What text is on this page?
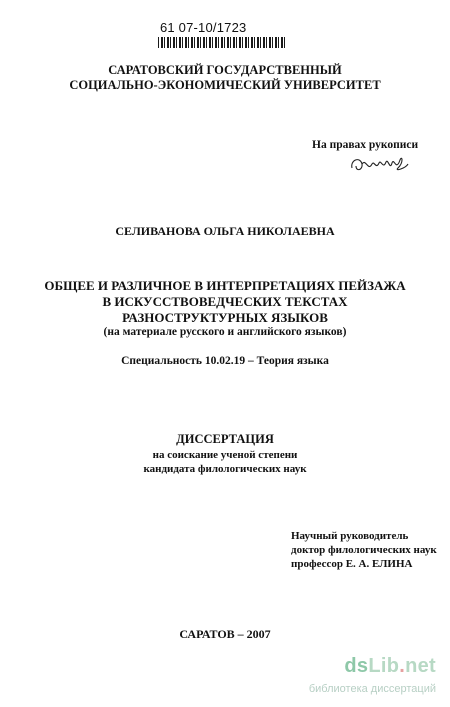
61 07-10/1723
САРАТОВСКИЙ ГОСУДАРСТВЕННЫЙ
СОЦИАЛЬНО-ЭКОНОМИЧЕСКИЙ УНИВЕРСИТЕТ
На правах рукописи
СЕЛИВАНОВА ОЛЬГА НИКОЛАЕВНА
ОБЩЕЕ И РАЗЛИЧНОЕ В ИНТЕРПРЕТАЦИЯХ ПЕЙЗАЖА
В ИСКУССТВОВЕДЧЕСКИХ ТЕКСТАХ
РАЗНОСТРУКТУРНЫХ ЯЗЫКОВ
(на материале русского и английского языков)
Специальность 10.02.19 – Теория языка
ДИССЕРТАЦИЯ
на соискание ученой степени
кандидата филологических наук
Научный руководитель
доктор филологических наук
профессор Е. А. ЕЛИНА
САРАТОВ – 2007
dsLib.net
библиотека диссертаций
